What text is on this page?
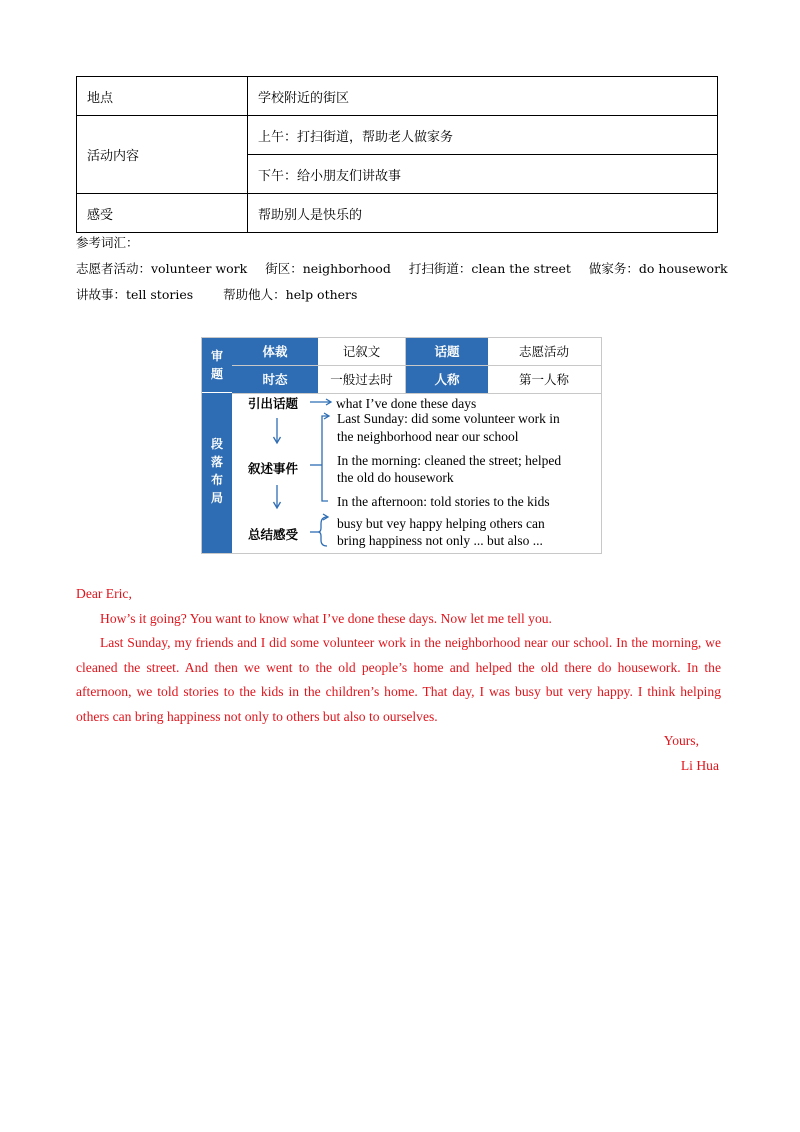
地点	学校附近的街区
活动内容	上午：打扫街道，帮助老人做家务
	下午：给小朋友们讲故事
感受	帮助别人是快乐的
参考词汇：
志愿者活动：volunteer work 街区：neighborhood 打扫街道：clean the street 做家务：do housework
讲故事：tell stories 帮助他人：help others
审
题
段
落
布
局
体裁	记叙文	话题	志愿活动
时态	一般过去时	人称	第一人称
引出话题
叙述事件
总结感受
what I’ve done these days
Last Sunday: did some volunteer work in
the neighborhood near our school
In the morning: cleaned the street; helped
the old do housework
In the afternoon: told stories to the kids
busy but vey happy helping others can
bring happiness not only ... but also ...
Dear Eric,
How’s it going? You want to know what I’ve done these days. Now let me tell you.
Last Sunday, my friends and I did some volunteer work in the neighborhood near our school. In the morning, we cleaned the street. And then we went to the old people’s home and helped the old there do housework. In the afternoon, we told stories to the kids in the children’s home. That day, I was busy but very happy. I think helping others can bring happiness not only to others but also to ourselves.
Yours,
Li Hua
